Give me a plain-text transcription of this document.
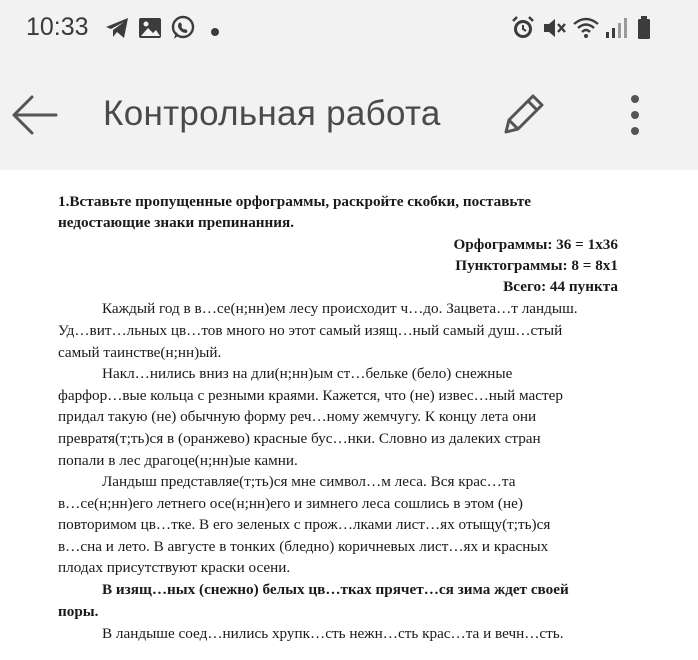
10:33
Контрольная работа
1.Вставьте пропущенные орфограммы, раскройте скобки, поставьте
недостающие знаки препинанния.
Орфограммы: 36 = 1x36
Пунктограммы: 8 = 8x1
Всего: 44 пункта
Каждый год в в…се(н;нн)ем лесу происходит ч…до. Зацвета…т ландыш.
Уд…вит…льных цв…тов много но этот самый изящ…ный самый душ…стый
самый таинстве(н;нн)ый.
Накл…нились вниз на дли(н;нн)ым ст…бельке (бело) снежные
фарфор…вые кольца с резными краями. Кажется, что (не) извес…ный мастер
придал такую (не) обычную форму реч…ному жемчугу. К концу лета они
превратя(т;ть)ся в (оранжево) красные бус…нки. Словно из далеких стран
попали в лес драгоце(н;нн)ые камни.
Ландыш представляе(т;ть)ся мне символ…м леса. Вся крас…та
в…се(н;нн)его летнего осе(н;нн)его и зимнего леса сошлись в этом (не)
повторимом цв…тке. В его зеленых с прож…лками лист…ях отыщу(т;ть)ся
в…сна и лето. В августе в тонких (бледно) коричневых лист…ях и красных
плодах присутствуют краски осени.
В изящ…ных (снежно) белых цв…тках прячет…ся зима ждет своей
поры.
В ландыше соед…нились хрупк…сть нежн…сть крас…та и вечн…сть.
